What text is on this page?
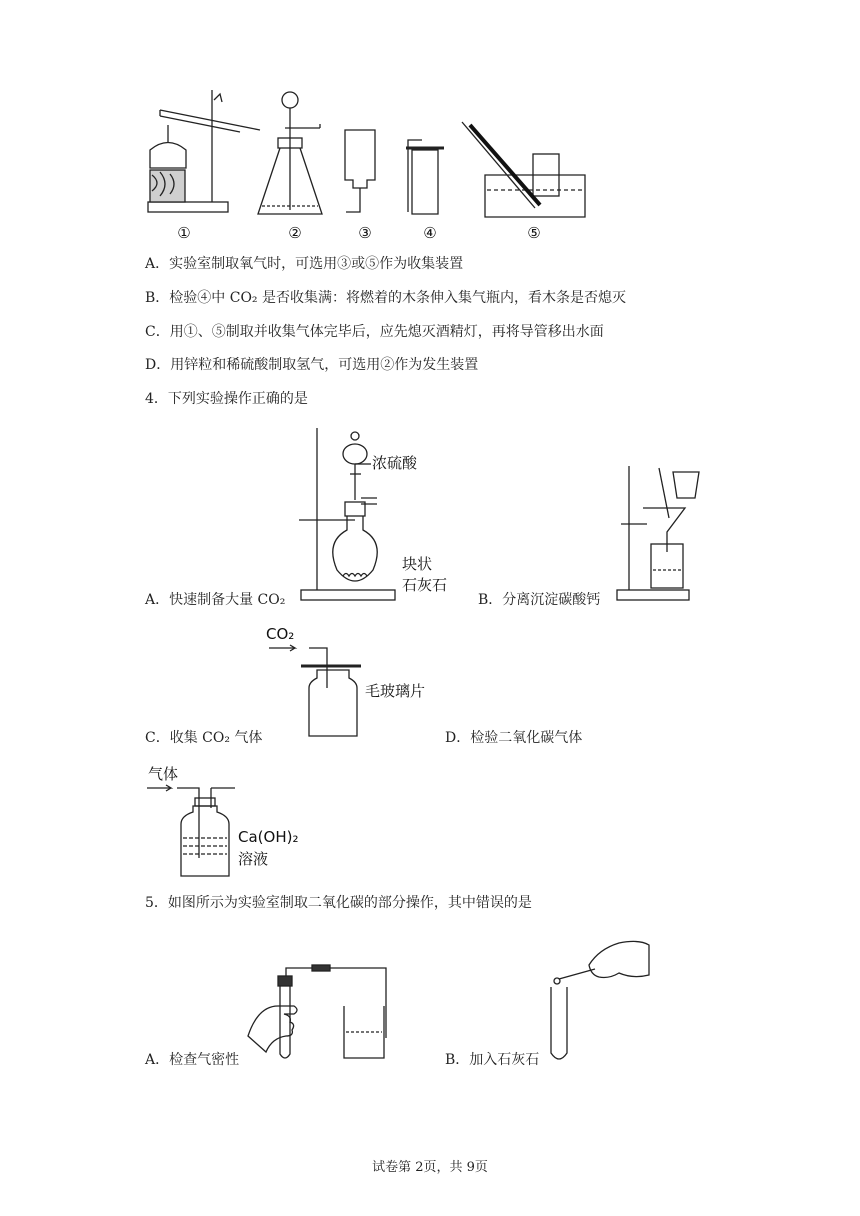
①	②	③	④	⑤
A．实验室制取氧气时，可选用③或⑤作为收集装置
B．检验④中 CO₂ 是否收集满：将燃着的木条伸入集气瓶内，看木条是否熄灭
C．用①、⑤制取并收集气体完毕后，应先熄灭酒精灯，再将导管移出水面
D．用锌粒和稀硫酸制取氢气，可选用②作为发生装置
4．下列实验操作正确的是
浓硫酸
块状
石灰石
A．快速制备大量 CO₂	B．分离沉淀碳酸钙
CO₂
毛玻璃片
C．收集 CO₂ 气体	D．检验二氧化碳气体
气体
Ca(OH)₂
溶液
5．如图所示为实验室制取二氧化碳的部分操作，其中错误的是
A．检查气密性	B．加入石灰石
试卷第 2页，共 9页
